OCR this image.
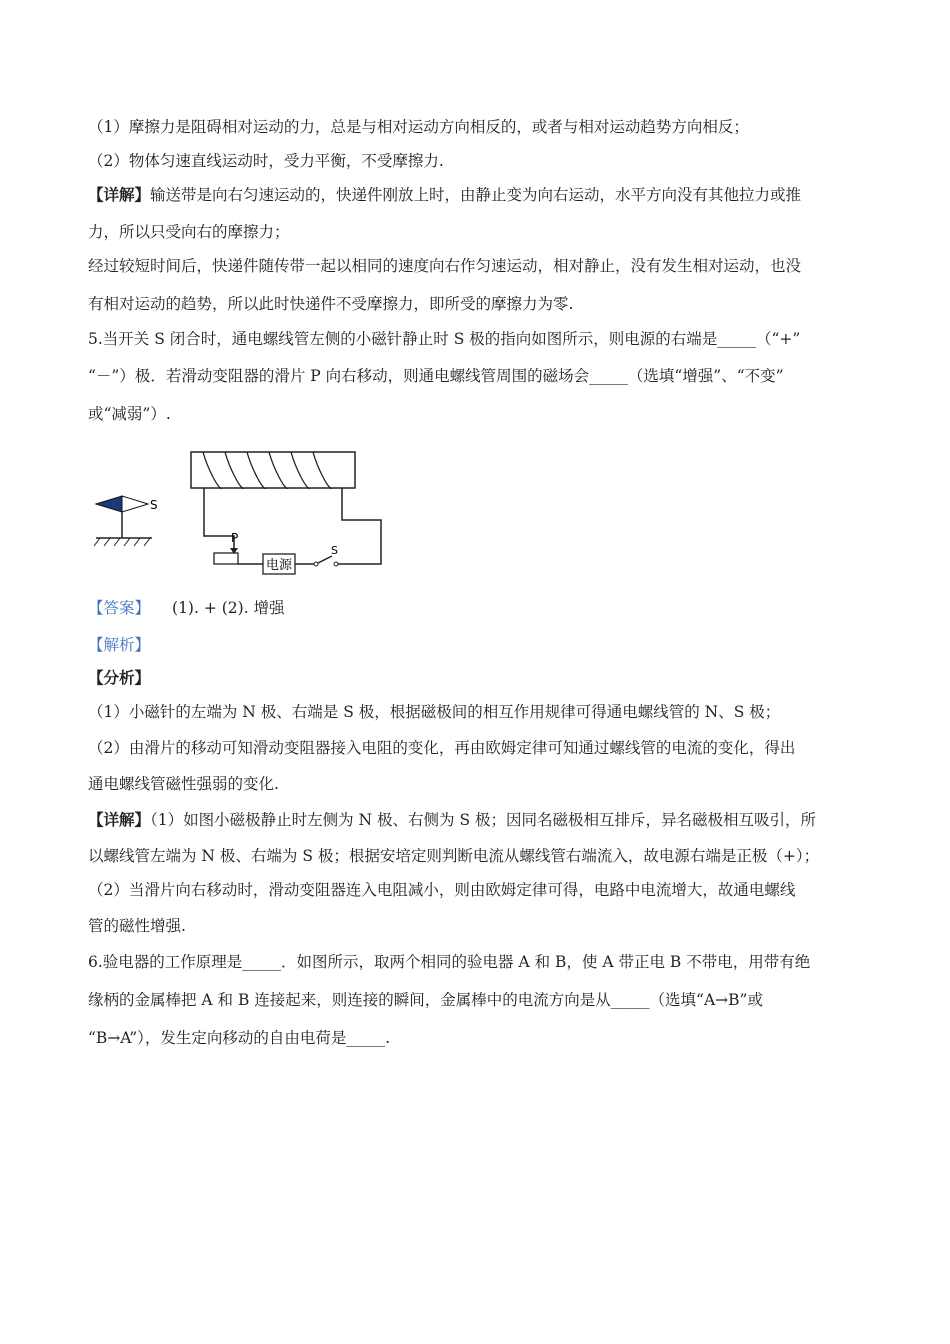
（1）摩擦力是阻碍相对运动的力，总是与相对运动方向相反的，或者与相对运动趋势方向相反；
（2）物体匀速直线运动时，受力平衡，不受摩擦力.
【详解】输送带是向右匀速运动的，快递件刚放上时，由静止变为向右运动，水平方向没有其他拉力或推
力，所以只受向右的摩擦力；
经过较短时间后，快递件随传带一起以相同的速度向右作匀速运动，相对静止，没有发生相对运动，也没
有相对运动的趋势，所以此时快递件不受摩擦力，即所受的摩擦力为零.
5.当开关 S 闭合时，通电螺线管左侧的小磁针静止时 S 极的指向如图所示，则电源的右端是_____（“+”
“－”）极．若滑动变阻器的滑片 P 向右移动，则通电螺线管周围的磁场会_____（选填“增强”、“不变”
或“减弱”）.
S
P
电源
S
【答案】 (1). + (2). 增强
【解析】
【分析】
（1）小磁针的左端为 N 极、右端是 S 极，根据磁极间的相互作用规律可得通电螺线管的 N、S 极；
（2）由滑片的移动可知滑动变阻器接入电阻的变化，再由欧姆定律可知通过螺线管的电流的变化，得出
通电螺线管磁性强弱的变化.
【详解】（1）如图小磁极静止时左侧为 N 极、右侧为 S 极；因同名磁极相互排斥，异名磁极相互吸引，所
以螺线管左端为 N 极、右端为 S 极；根据安培定则判断电流从螺线管右端流入，故电源右端是正极（+）；
（2）当滑片向右移动时，滑动变阻器连入电阻减小，则由欧姆定律可得，电路中电流增大，故通电螺线
管的磁性增强.
6.验电器的工作原理是_____．如图所示，取两个相同的验电器 A 和 B，使 A 带正电 B 不带电，用带有绝
缘柄的金属棒把 A 和 B 连接起来，则连接的瞬间，金属棒中的电流方向是从_____（选填“A→B”或
“B→A”），发生定向移动的自由电荷是_____.
